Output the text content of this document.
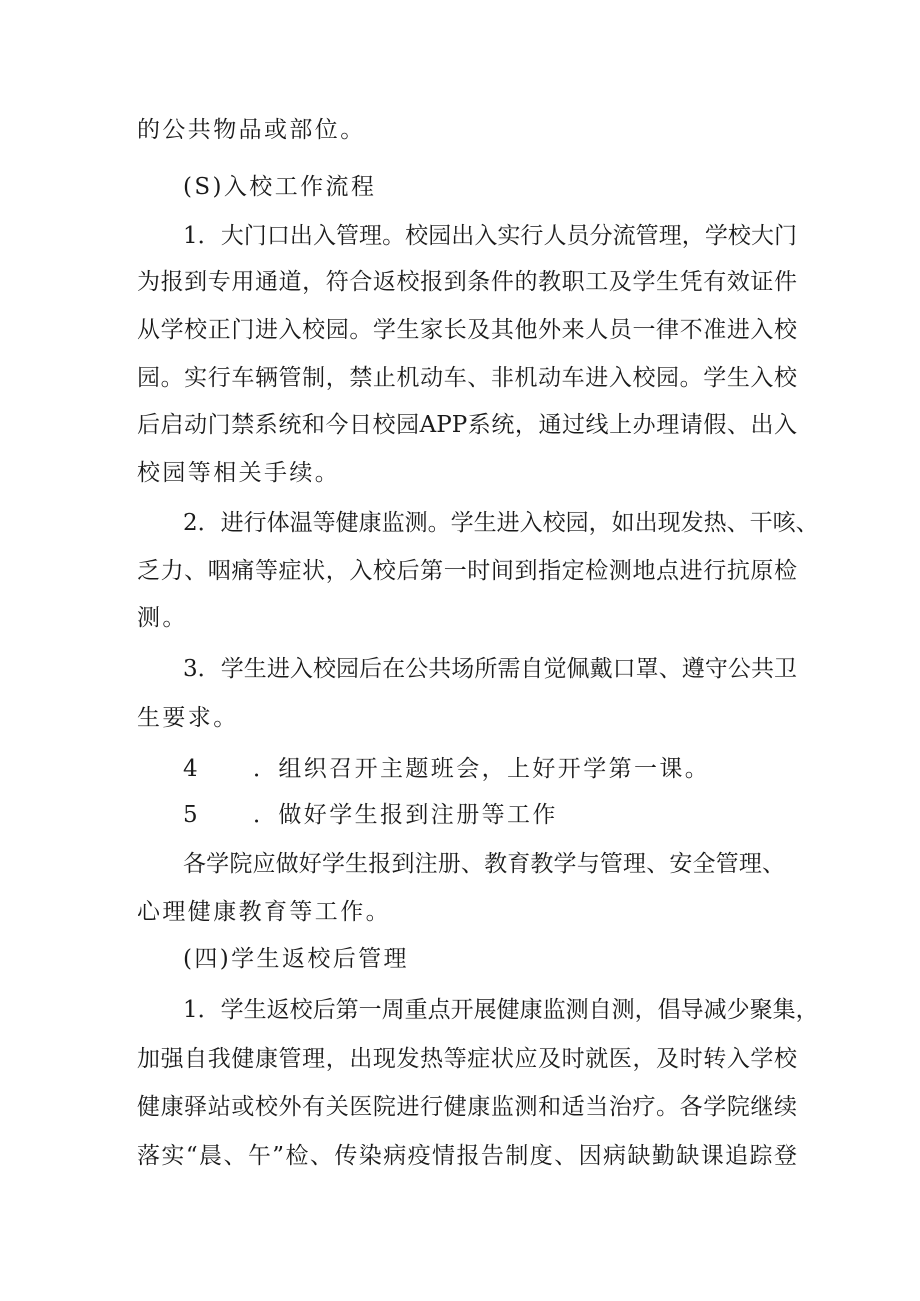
的公共物品或部位。
(S)入校工作流程
1．大门口出入管理。校园出入实行人员分流管理，学校大门
为报到专用通道，符合返校报到条件的教职工及学生凭有效证件
从学校正门进入校园。学生家长及其他外来人员一律不准进入校
园。实行车辆管制，禁止机动车、非机动车进入校园。学生入校
后启动门禁系统和今日校园APP系统，通过线上办理请假、出入
校园等相关手续。
2．进行体温等健康监测。学生进入校园，如出现发热、干咳、
乏力、咽痛等症状，入校后第一时间到指定检测地点进行抗原检
测。
3．学生进入校园后在公共场所需自觉佩戴口罩、遵守公共卫
生要求。
4 ．组织召开主题班会，上好开学第一课。
5 ．做好学生报到注册等工作
各学院应做好学生报到注册、教育教学与管理、安全管理、
心理健康教育等工作。
(四)学生返校后管理
1．学生返校后第一周重点开展健康监测自测，倡导减少聚集，
加强自我健康管理，出现发热等症状应及时就医，及时转入学校
健康驿站或校外有关医院进行健康监测和适当治疗。各学院继续
落实“晨、午”检、传染病疫情报告制度、因病缺勤缺课追踪登
